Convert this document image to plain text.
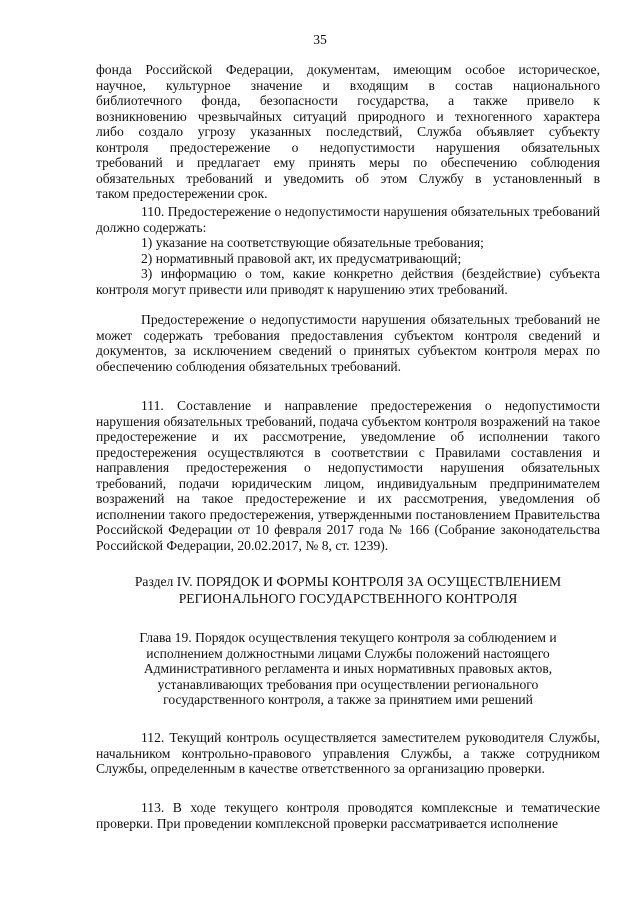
35
фонда Российской Федерации, документам, имеющим особое историческое,
научное, культурное значение и входящим в состав национального
библиотечного фонда, безопасности государства, а также привело к
возникновению чрезвычайных ситуаций природного и техногенного характера
либо создало угрозу указанных последствий, Служба объявляет субъекту
контроля предостережение о недопустимости нарушения обязательных
требований и предлагает ему принять меры по обеспечению соблюдения
обязательных требований и уведомить об этом Службу в установленный в
таком предостережении срок.

110. Предостережение о недопустимости нарушения обязательных требований должно содержать:

1) указание на соответствующие обязательные требования;

2) нормативный правовой акт, их предусматривающий;

3) информацию о том, какие конкретно действия (бездействие) субъекта контроля могут привести или приводят к нарушению этих требований.

Предостережение о недопустимости нарушения обязательных требований не может содержать требования предоставления субъектом контроля сведений и документов, за исключением сведений о принятых субъектом контроля мерах по обеспечению соблюдения обязательных требований.

111. Составление и направление предостережения о недопустимости нарушения обязательных требований, подача субъектом контроля возражений на такое предостережение и их рассмотрение, уведомление об исполнении такого предостережения осуществляются в соответствии с Правилами составления и направления предостережения о недопустимости нарушения обязательных требований, подачи юридическим лицом, индивидуальным предпринимателем возражений на такое предостережение и их рассмотрения, уведомления об исполнении такого предостережения, утвержденными постановлением Правительства Российской Федерации от 10 февраля 2017 года № 166 (Собрание законодательства Российской Федерации, 20.02.2017, № 8, ст. 1239).

Раздел IV. ПОРЯДОК И ФОРМЫ КОНТРОЛЯ ЗА ОСУЩЕСТВЛЕНИЕМ

РЕГИОНАЛЬНОГО ГОСУДАРСТВЕННОГО КОНТРОЛЯ

Глава 19. Порядок осуществления текущего контроля за соблюдением и

исполнением должностными лицами Службы положений настоящего

Административного регламента и иных нормативных правовых актов,

устанавливающих требования при осуществлении регионального

государственного контроля, а также за принятием ими решений

112. Текущий контроль осуществляется заместителем руководителя Службы, начальником контрольно-правового управления Службы, а также сотрудником Службы, определенным в качестве ответственного за организацию проверки.

113. В ходе текущего контроля проводятся комплексные и тематические проверки. При проведении комплексной проверки рассматривается исполнение
